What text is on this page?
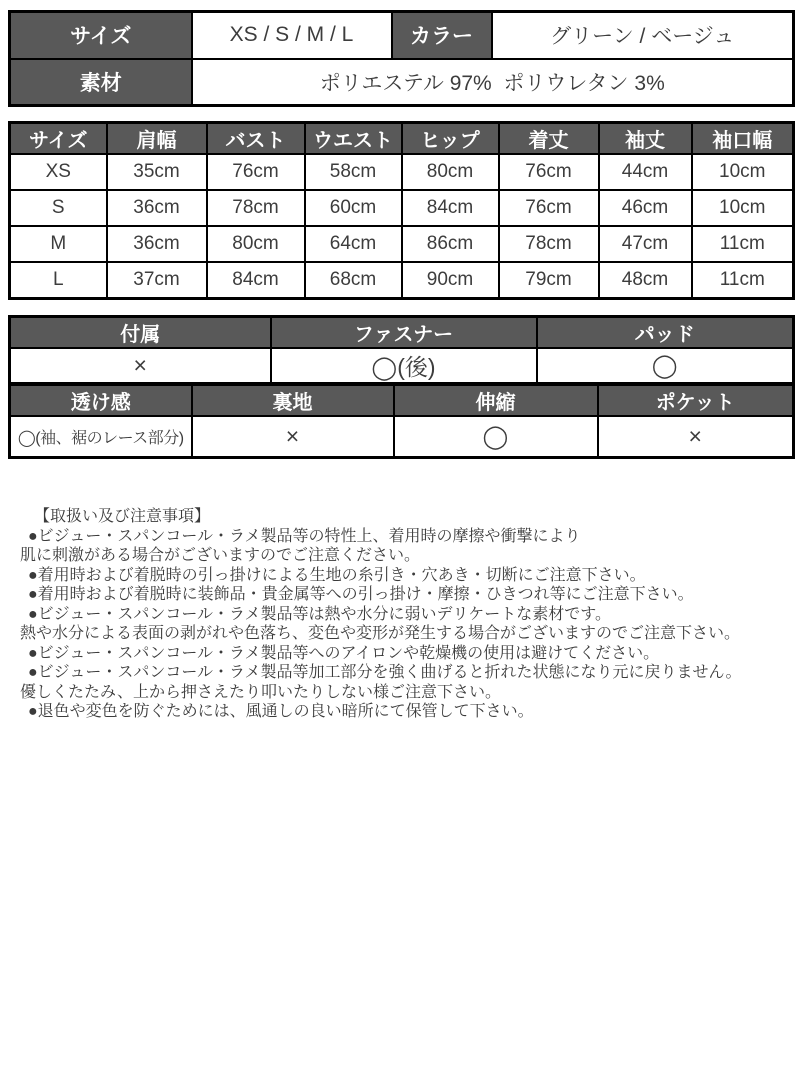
サイズ	XS / S / M / L	カラー	グリーン / ベージュ
素材	ポリエステル 97%  ポリウレタン 3%		
サイズ	肩幅	バスト	ウエスト	ヒップ	着丈	袖丈	袖口幅
XS	35cm	76cm	58cm	80cm	76cm	44cm	10cm
S	36cm	78cm	60cm	84cm	76cm	46cm	10cm
M	36cm	80cm	64cm	86cm	78cm	47cm	11cm
L	37cm	84cm	68cm	90cm	79cm	48cm	11cm
付属	ファスナー	パッド
×	◯(後)	◯
透け感	裏地	伸縮	ポケット
◯(袖、裾のレース部分)	×	◯	×
【取扱い及び注意事項】
●ビジュー・スパンコール・ラメ製品等の特性上、着用時の摩擦や衝撃により
肌に刺激がある場合がございますのでご注意ください。
●着用時および着脱時の引っ掛けによる生地の糸引き・穴あき・切断にご注意下さい。
●着用時および着脱時に装飾品・貴金属等への引っ掛け・摩擦・ひきつれ等にご注意下さい。
●ビジュー・スパンコール・ラメ製品等は熱や水分に弱いデリケートな素材です。
熱や水分による表面の剥がれや色落ち、変色や変形が発生する場合がございますのでご注意下さい。
●ビジュー・スパンコール・ラメ製品等へのアイロンや乾燥機の使用は避けてください。
●ビジュー・スパンコール・ラメ製品等加工部分を強く曲げると折れた状態になり元に戻りません。
優しくたたみ、上から押さえたり叩いたりしない様ご注意下さい。
●退色や変色を防ぐためには、風通しの良い暗所にて保管して下さい。
